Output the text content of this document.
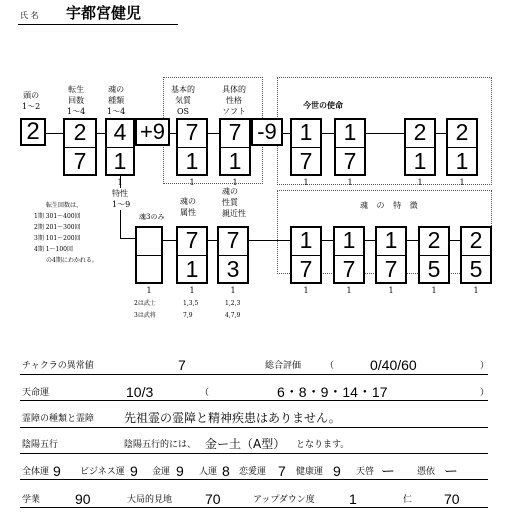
氏 名 宇都宮健児
頭の
1～2
転生
回数
1～4
魂の
種類
1～4
基本的
気質
OS
具体的
性格
ソフト
今世の使命
2	2
7
4
1
+9 7
1
7
1
-9 1
7
1
7
2
1
2
1
1	1	1	1	1	1	1
特性
1～9
転生回数は、
1期 301～400回
2期 201～300回
3期 101～200回
4期 1～100回
の4期にわかれる。
魂3のみ
魂の
属性
魂の
性質
親近性
魂 の 特 徴
7
1
7
3
1
7
1
7
1
7
2
5
2
5
1	1	1	1	1	1	1	1
2は武士
3は武将
1,3,5
7,9
1,2,3
4,7,9
チャクラの異常値	7	総合評価	（	0/40/60	）
天命運	10/3	（	6・8・9・14・17	）
霊障の種類と霊障 先祖霊の霊障と精神疾患はありません。
陰陽五行	陰陽五行的には、 金ー土（A型） となります。
全体運 9 ビジネス運 9 金運 9 人運 8 恋愛運 7 健康運 9 天啓 ー 憑依 ー
学業 90	大局的見地 70	アップダウン度 1	仁 70
